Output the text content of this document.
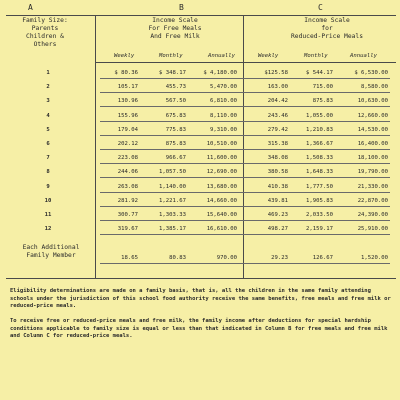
A	B	C
Family Size:
Parents
Children &
Others
Income Scale
For Free Meals
And Free Milk
Income Scale
for
Reduced-Price Meals
Weekly	Monthly	Annually	Weekly	Monthly	Annually
1	$ 80.36	$ 348.17	$ 4,180.00	$125.58	$ 544.17	$ 6,530.00
2	105.17	455.73	5,470.00	163.00	715.00	8,580.00
3	130.96	567.50	6,810.00	204.42	875.83	10,630.00
4	155.96	675.83	8,110.00	243.46	1,055.00	12,660.00
5	179.04	775.83	9,310.00	279.42	1,210.83	14,530.00
6	202.12	875.83	10,510.00	315.38	1,366.67	16,400.00
7	223.08	966.67	11,600.00	348.08	1,508.33	18,100.00
8	244.06	1,057.50	12,690.00	380.58	1,648.33	19,790.00
9	263.08	1,140.00	13,680.00	410.38	1,777.50	21,330.00
10	281.92	1,221.67	14,660.00	439.81	1,905.83	22,870.00
11	300.77	1,303.33	15,640.00	469.23	2,033.50	24,390.00
12	319.67	1,385.17	16,610.00	498.27	2,159.17	25,910.00
Each Additional
Family Member	18.65	80.83	970.00	29.23	126.67	1,520.00
Eligibility determinations are made on a family basis, that is, all the children in the same family attending schools under the jurisdiction of this school food authority receive the same benefits, free meals and free milk or reduced-price meals.
To receive free or reduced-price meals and free milk, the family income after deductions for special hardship conditions applicable to family size is equal or less than that indicated in Column B for free meals and free milk and Column C for reduced-price meals.
